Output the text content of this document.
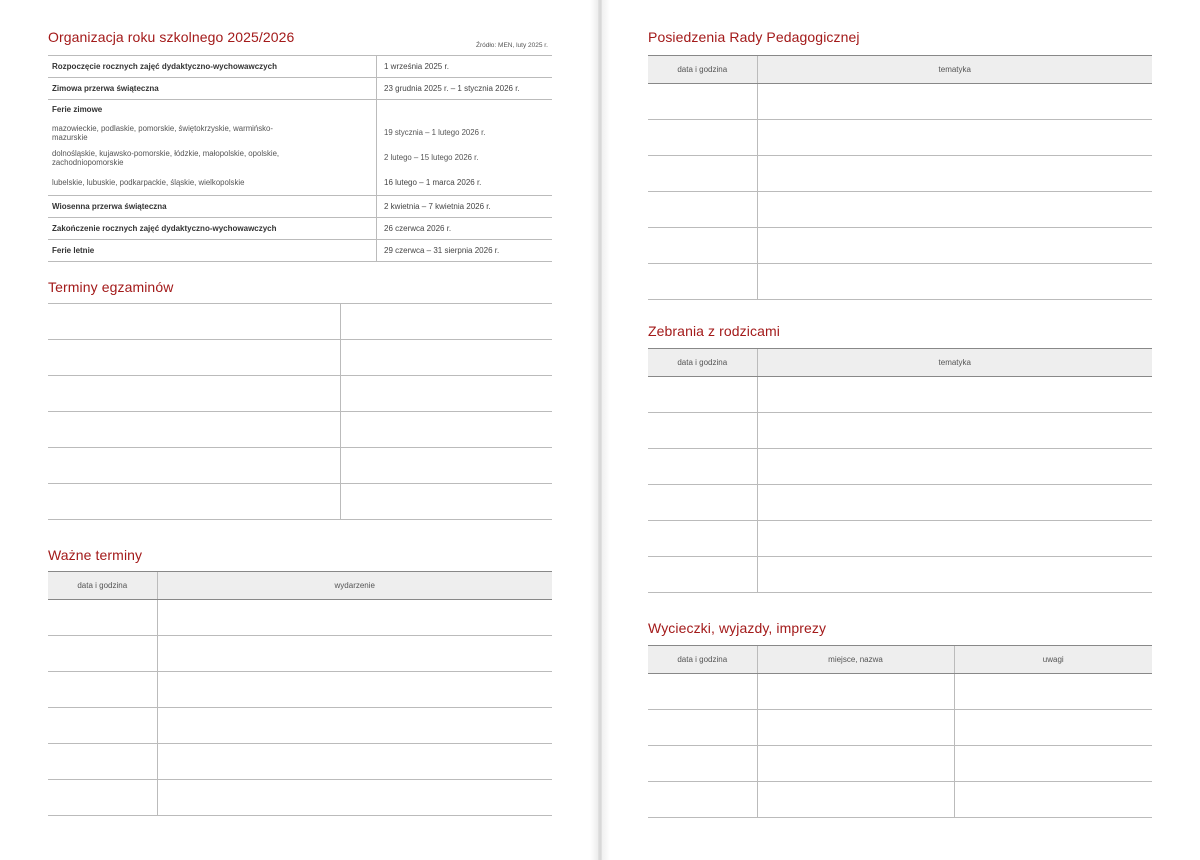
Organizacja roku szkolnego 2025/2026
Źródło: MEN, luty 2025 r.
Rozpoczęcie rocznych zajęć dydaktyczno-wychowawczych	1 września 2025 r.
Zimowa przerwa świąteczna	23 grudnia 2025 r. – 1 stycznia 2026 r.
Ferie zimowe	
mazowieckie, podlaskie, pomorskie, świętokrzyskie, warmińsko-mazurskie	19 stycznia – 1 lutego 2026 r.
dolnośląskie, kujawsko-pomorskie, łódzkie, małopolskie, opolskie, zachodniopomorskie	2 lutego – 15 lutego 2026 r.
lubelskie, lubuskie, podkarpackie, śląskie, wielkopolskie	16 lutego – 1 marca 2026 r.
Wiosenna przerwa świąteczna	2 kwietnia – 7 kwietnia 2026 r.
Zakończenie rocznych zajęć dydaktyczno-wychowawczych	26 czerwca 2026 r.
Ferie letnie	29 czerwca – 31 sierpnia 2026 r.
Terminy egzaminów

Ważne terminy
data i godzina	wydarzenie

Posiedzenia Rady Pedagogicznej
data i godzina	tematyka

Zebrania z rodzicami
data i godzina	tematyka

Wycieczki, wyjazdy, imprezy
data i godzina	miejsce, nazwa	uwagi
